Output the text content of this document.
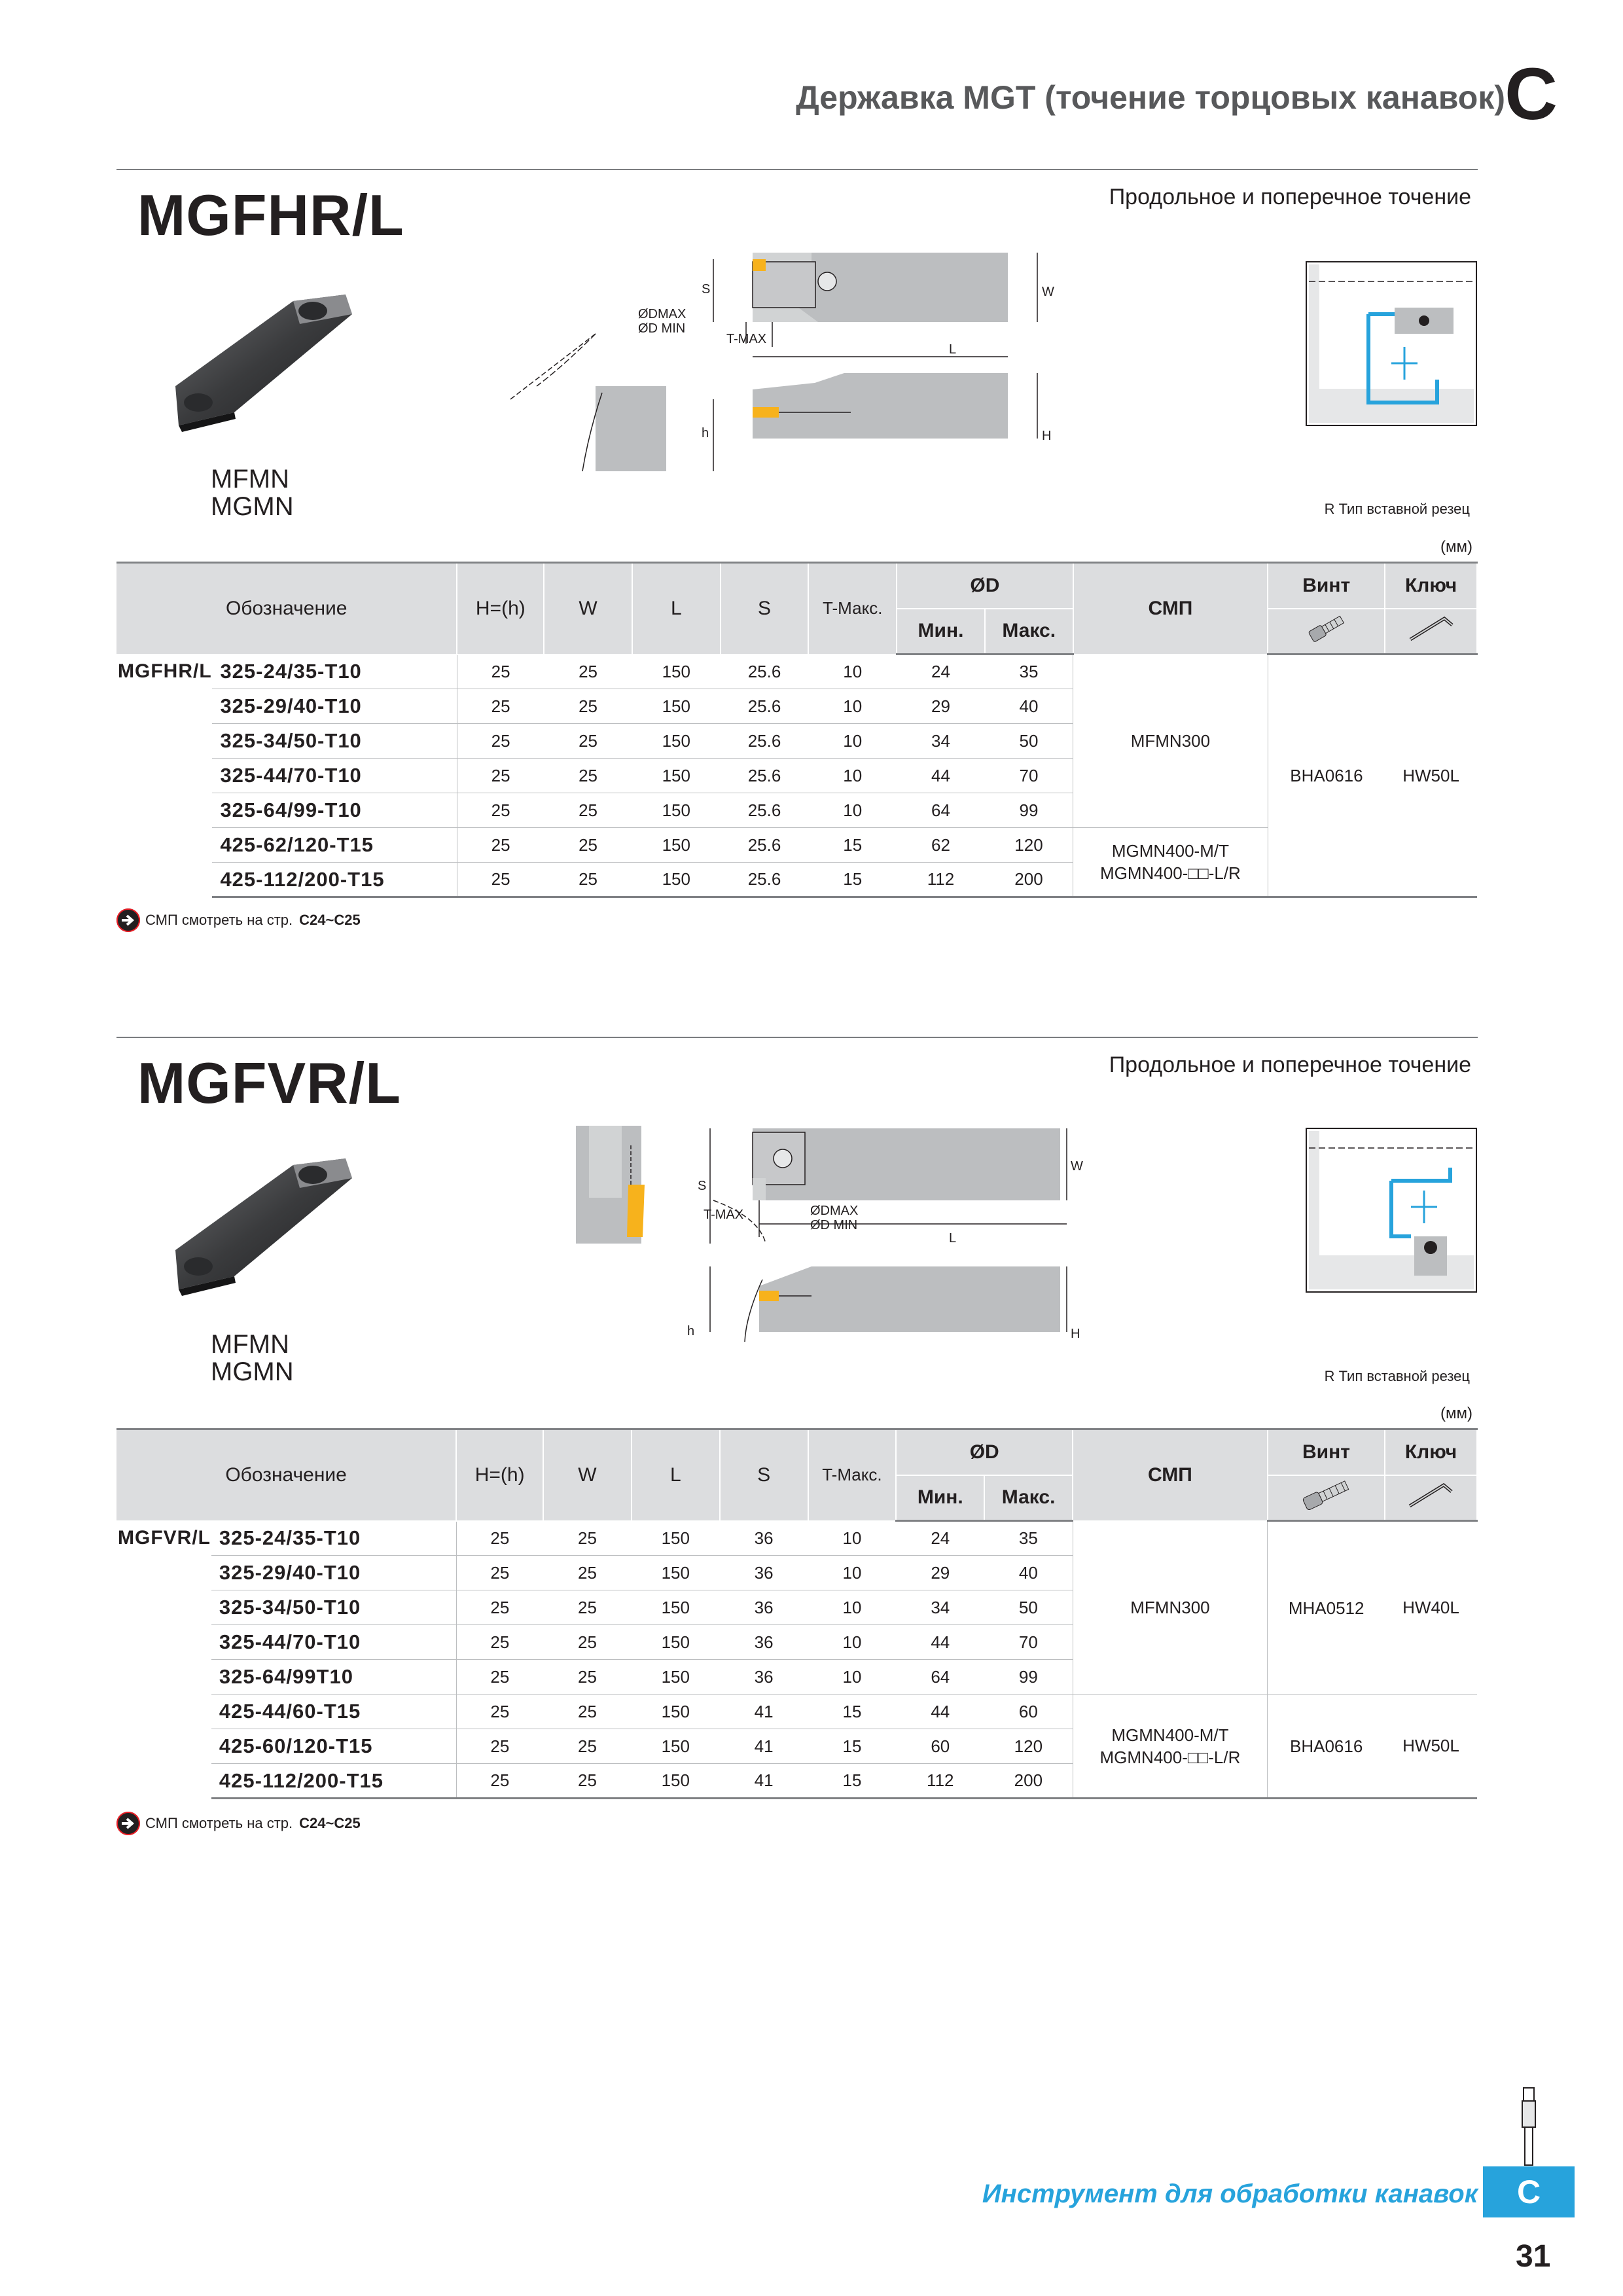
Державка MGT (точение торцовых канавок) C
MGFHR/L	Продольное и поперечное точение
MFMN
MGMN
S	W
L
T-MAX
ØDMAX
ØD MIN
h	H
R Тип вставной резец
(мм)
Обозначение		H=(h)	W	L	S	T-Макс.	ØD		СМП	Винт	Ключ
							Мин.	Макс.		
MGFHR/L	325-24/35-T10	25	25	150	25.6	10	24	35	MFMN300	BHA0616	HW50L
	325-29/40-T10	25	25	150	25.6	10	29	40			
	325-34/50-T10	25	25	150	25.6	10	34	50			
	325-44/70-T10	25	25	150	25.6	10	44	70			
	325-64/99-T10	25	25	150	25.6	10	64	99			
	425-62/120-T15	25	25	150	25.6	15	62	120	MGMN400-M/T
MGMN400-□□-L/R		

	425-112/200-T15	25	25	150	25.6	15	112	200			
СМП смотреть на стр. C24~C25
MGFVR/L	Продольное и поперечное точение
MFMN
MGMN
S
W
L
T-MAX	ØDMAX
ØD MIN
h	H
R Тип вставной резец
(мм)
Обозначение		H=(h)	W	L	S	T-Макс.	ØD		СМП	Винт	Ключ
							Мин.	Макс.		
MGFVR/L	325-24/35-T10	25	25	150	36	10	24	35	MFMN300	MHA0512	HW40L
	325-29/40-T10	25	25	150	36	10	29	40			
	325-34/50-T10	25	25	150	36	10	34	50			
	325-44/70-T10	25	25	150	36	10	44	70			
	325-64/99T10	25	25	150	36	10	64	99			
	425-44/60-T15	25	25	150	41	15	44	60	MGMN400-M/T
MGMN400-□□-L/R	BHA0616	HW50L
	425-60/120-T15	25	25	150	41	15	60	120			
	425-112/200-T15	25	25	150	41	15	112	200			
СМП смотреть на стр. C24~C25
Инструмент для обработки канавок	C
31
